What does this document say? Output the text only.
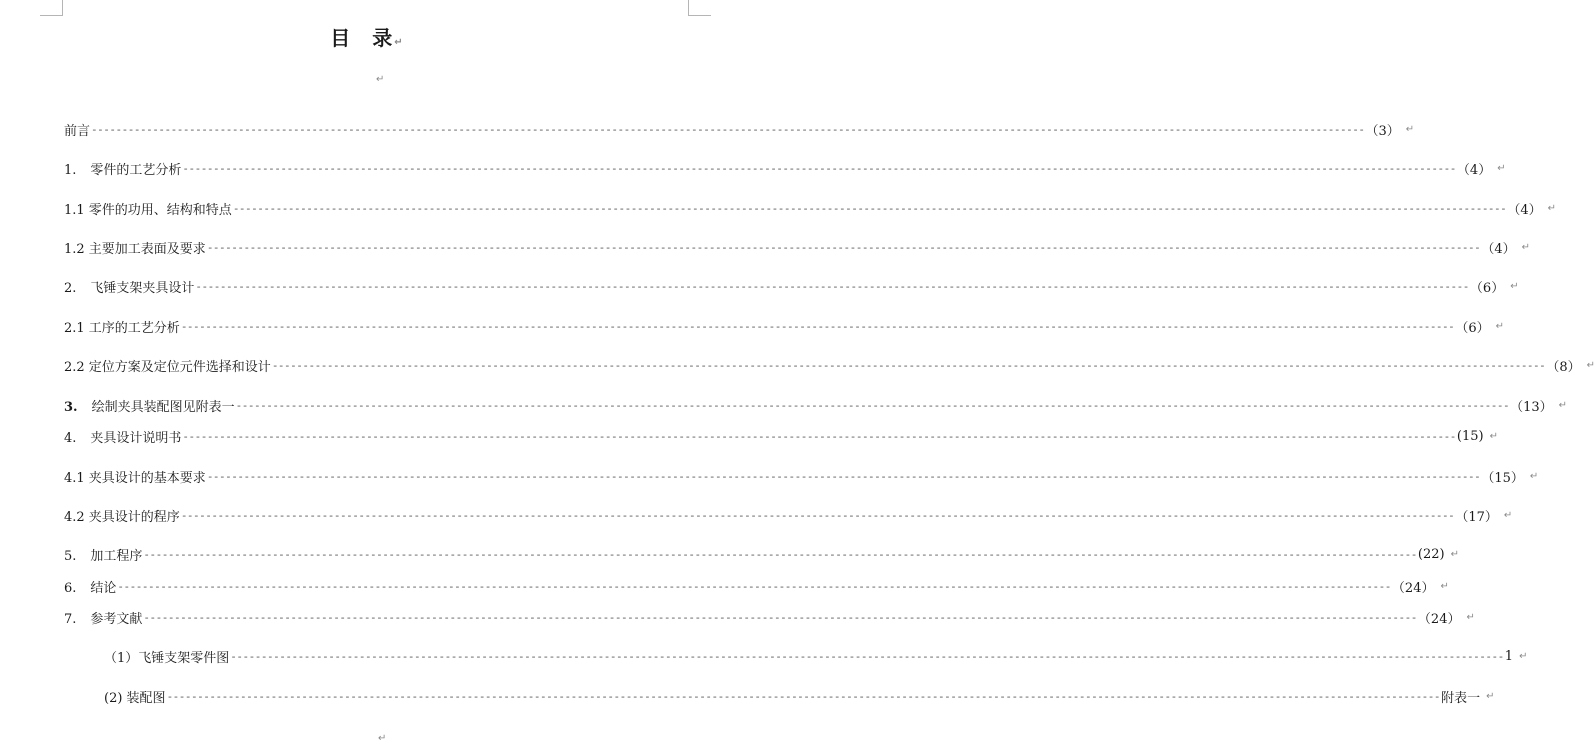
目 录↵
↵
前言 ---------------------------------------------------------------------------------------------------------------------------------------------------------------------------------------------------------------- （3） ↵
1. 零件的工艺分析 ---------------------------------------------------------------------------------------------------------------------------------------------------------------------------------------------------------------- （4） ↵
1.1 零件的功用、结构和特点 ---------------------------------------------------------------------------------------------------------------------------------------------------------------------------------------------------------------- （4） ↵
1.2 主要加工表面及要求 ---------------------------------------------------------------------------------------------------------------------------------------------------------------------------------------------------------------- （4） ↵
2. 飞锤支架夹具设计 ---------------------------------------------------------------------------------------------------------------------------------------------------------------------------------------------------------------- （6） ↵
2.1 工序的工艺分析 ---------------------------------------------------------------------------------------------------------------------------------------------------------------------------------------------------------------- （6） ↵
2.2 定位方案及定位元件选择和设计 ---------------------------------------------------------------------------------------------------------------------------------------------------------------------------------------------------------------- （8） ↵
3. 绘制夹具装配图见附表一 ---------------------------------------------------------------------------------------------------------------------------------------------------------------------------------------------------------------- （13） ↵
4. 夹具设计说明书 ---------------------------------------------------------------------------------------------------------------------------------------------------------------------------------------------------------------- (15) ↵
4.1 夹具设计的基本要求 ---------------------------------------------------------------------------------------------------------------------------------------------------------------------------------------------------------------- （15） ↵
4.2 夹具设计的程序 ---------------------------------------------------------------------------------------------------------------------------------------------------------------------------------------------------------------- （17） ↵
5. 加工程序 ---------------------------------------------------------------------------------------------------------------------------------------------------------------------------------------------------------------- (22) ↵
6. 结论 ---------------------------------------------------------------------------------------------------------------------------------------------------------------------------------------------------------------- （24） ↵
7. 参考文献 ---------------------------------------------------------------------------------------------------------------------------------------------------------------------------------------------------------------- （24） ↵
（1）飞锤支架零件图 ---------------------------------------------------------------------------------------------------------------------------------------------------------------------------------------------------------------- 1 ↵
(2) 装配图 ---------------------------------------------------------------------------------------------------------------------------------------------------------------------------------------------------------------- 附表一 ↵
↵
